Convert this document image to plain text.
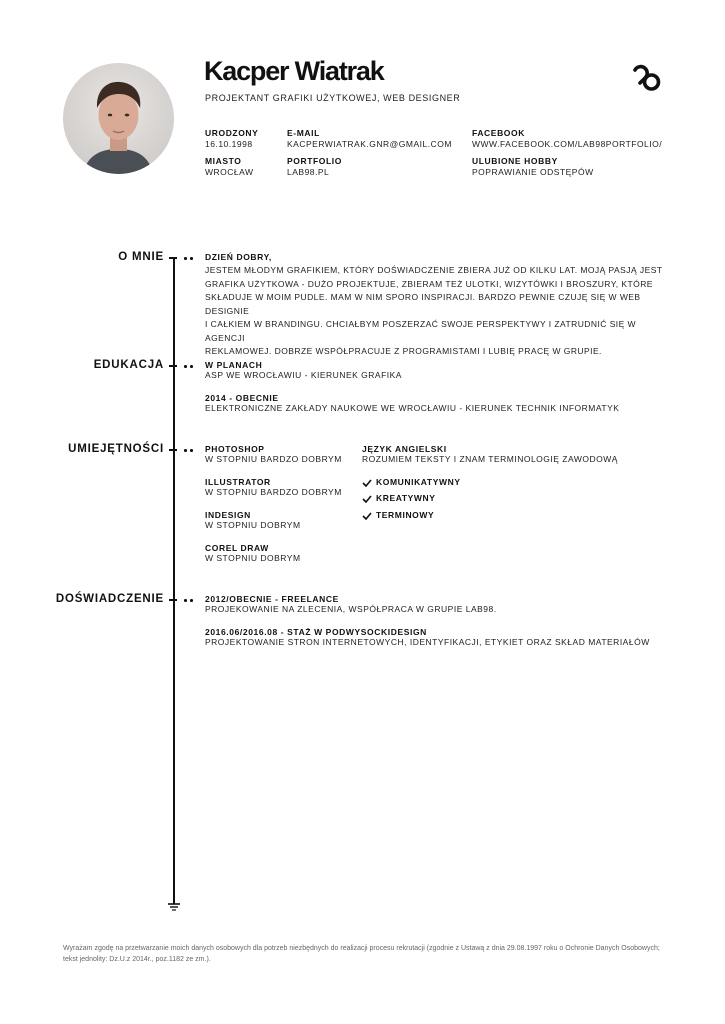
Kacper Wiatrak
PROJEKTANT GRAFIKI UŻYTKOWEJ, WEB DESIGNER
URODZONY
16.10.1998
E-MAIL
KACPERWIATRAK.GNR@GMAIL.COM
FACEBOOK
WWW.FACEBOOK.COM/LAB98PORTFOLIO/
MIASTO
WROCŁAW
PORTFOLIO
LAB98.PL
ULUBIONE HOBBY
POPRAWIANIE ODSTĘPÓW
O MNIE	DZIEŃ DOBRY,
JESTEM MŁODYM GRAFIKIEM, KTÓRY DOŚWIADCZENIE ZBIERA JUŻ OD KILKU LAT. MOJĄ PASJĄ JEST
GRAFIKA UŻYTKOWA - DUŻO PROJEKTUJE, ZBIERAM TEŻ ULOTKI, WIZYTÓWKI I BROSZURY, KTÓRE
SKŁADUJE W MOIM PUDLE. MAM W NIM SPORO INSPIRACJI. BARDZO PEWNIE CZUJĘ SIĘ W WEB DESIGNIE
I CAŁKIEM W BRANDINGU. CHCIAŁBYM POSZERZAĆ SWOJE PERSPEKTYWY I ZATRUDNIĆ SIĘ W AGENCJI
REKLAMOWEJ. DOBRZE WSPÓŁPRACUJE Z PROGRAMISTAMI I LUBIĘ PRACĘ W GRUPIE.
EDUKACJA	W PLANACH
ASP WE WROCŁAWIU - KIERUNEK GRAFIKA
2014 - OBECNIE
ELEKTRONICZNE ZAKŁADY NAUKOWE WE WROCŁAWIU - KIERUNEK TECHNIK INFORMATYK
UMIEJĘTNOŚCI	PHOTOSHOP
W STOPNIU BARDZO DOBRYM
ILLUSTRATOR
W STOPNIU BARDZO DOBRYM
INDESIGN
W STOPNIU DOBRYM
COREL DRAW
W STOPNIU DOBRYM
JĘZYK ANGIELSKI
ROZUMIEM TEKSTY I ZNAM TERMINOLOGIĘ ZAWODOWĄ
KOMUNIKATYWNY
KREATYWNY
TERMINOWY
DOŚWIADCZENIE	2012/OBECNIE - FREELANCE
PROJEKOWANIE NA ZLECENIA, WSPÓŁPRACA W GRUPIE LAB98.
2016.06/2016.08 - STAŻ W PODWYSOCKIDESIGN
PROJEKTOWANIE STRON INTERNETOWYCH, IDENTYFIKACJI, ETYKIET ORAZ SKŁAD MATERIAŁÓW
Wyrażam zgodę na przetwarzanie moich danych osobowych dla potrzeb niezbędnych do realizacji procesu rekrutacji (zgodnie z Ustawą z dnia 29.08.1997 roku o Ochronie Danych Osobowych; tekst jednolity: Dz.U.z 2014r., poz.1182 ze zm.).
